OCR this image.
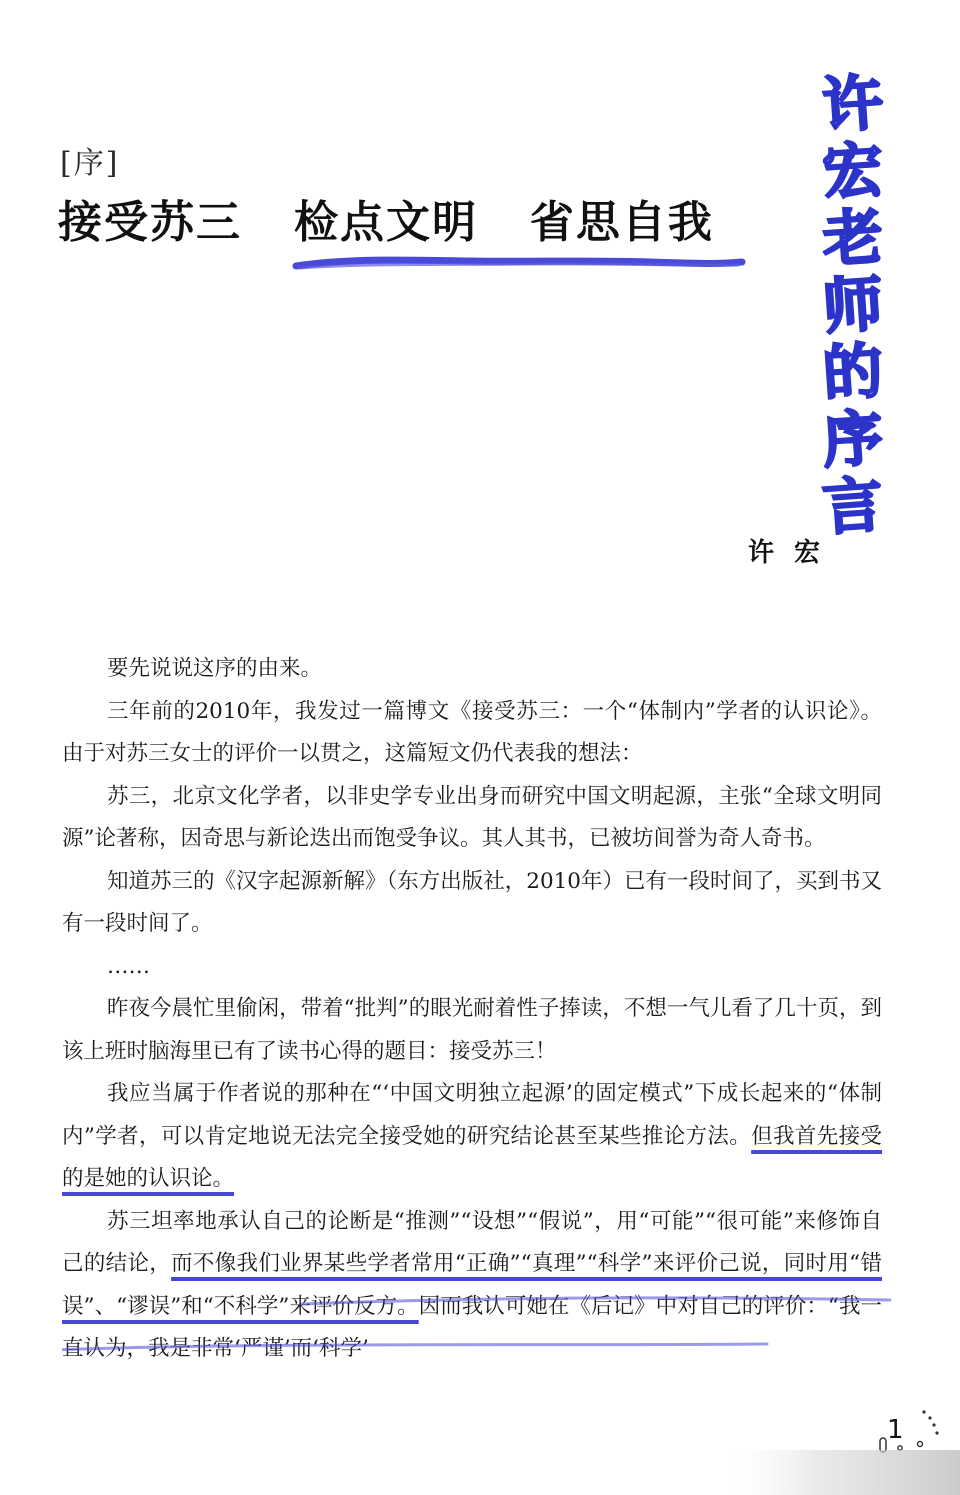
[序]
接受苏三   检点文明   省思自我
许
宏
老
师
的
序
言
许宏

要先说说这序的由来。

三年前的2010年，我发过一篇博文《接受苏三：一个“体制内”学者的认识论》。由于对苏三女士的评价一以贯之，这篇短文仍代表我的想法：

苏三，北京文化学者，以非史学专业出身而研究中国文明起源，主张“全球文明同源”论著称，因奇思与新论迭出而饱受争议。其人其书，已被坊间誉为奇人奇书。

知道苏三的《汉字起源新解》（东方出版社，2010年）已有一段时间了，买到书又有一段时间了。

……

昨夜今晨忙里偷闲，带着“批判”的眼光耐着性子捧读，不想一气儿看了几十页，到该上班时脑海里已有了读书心得的题目：接受苏三！

我应当属于作者说的那种在“‘中国文明独立起源’的固定模式”下成长起来的“体制内”学者，可以肯定地说无法完全接受她的研究结论甚至某些推论方法。但我首先接受的是她的认识论。

苏三坦率地承认自己的论断是“推测”“设想”“假说”，用“可能”“很可能”来修饰自己的结论，而不像我们业界某些学者常用“正确”“真理”“科学”来评价己说，同时用“错误”、“谬误”和“不科学”来评价反方。因而我认可她在《后记》中对自己的评价：“我一直认为，我是非常‘严谨’而‘科学’

1
